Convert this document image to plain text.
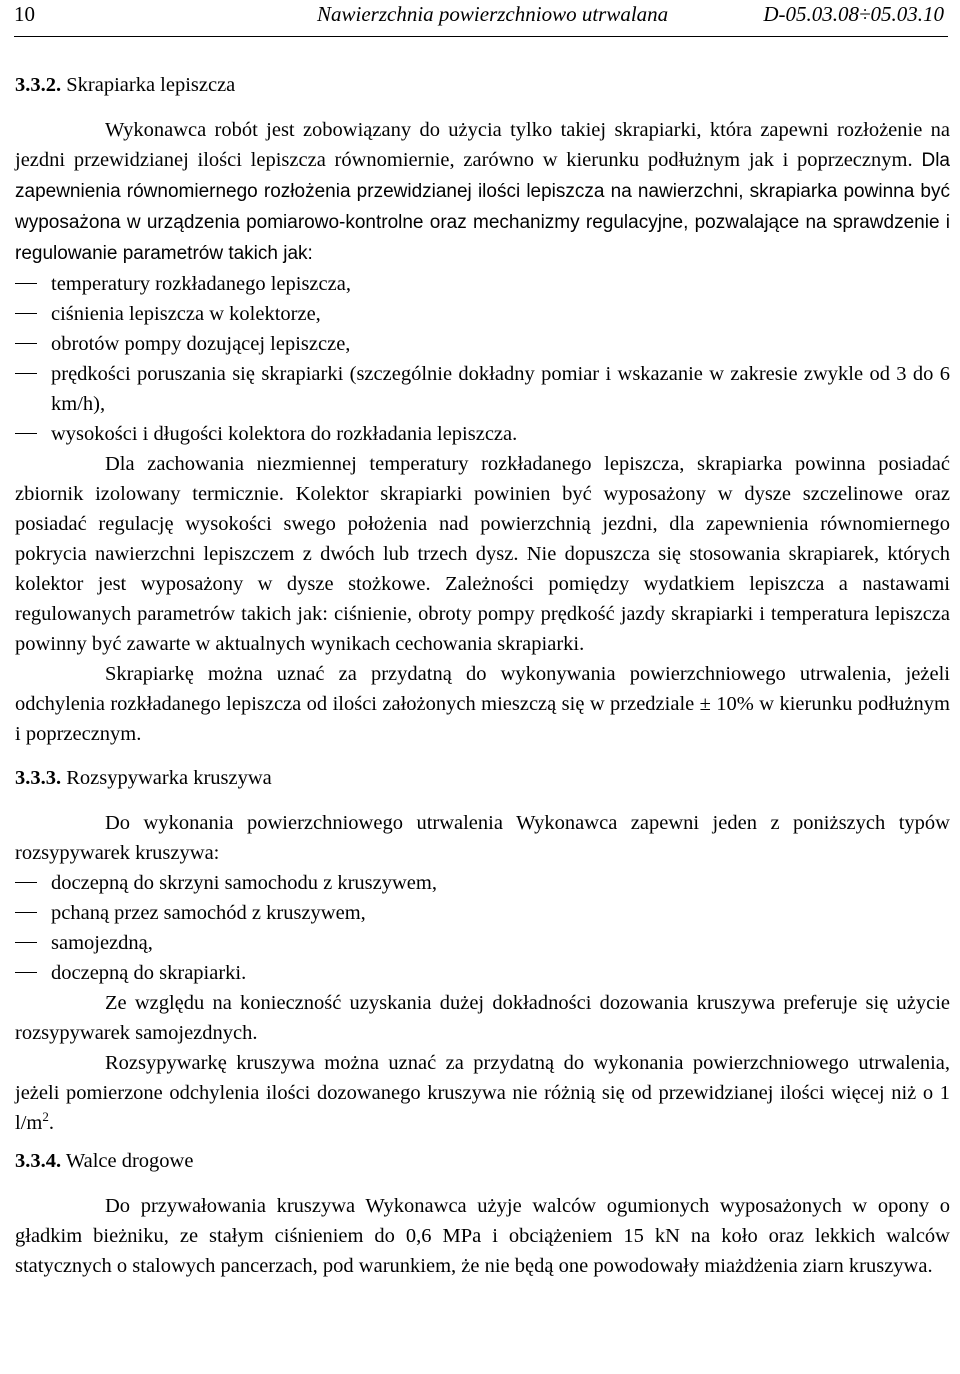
10	Nawierzchnia powierzchniowo utrwalana	D-05.03.08÷05.03.10

3.3.2. Skrapiarka lepiszcza

Wykonawca robót jest zobowiązany do użycia tylko takiej skrapiarki, która zapewni rozłożenie na jezdni przewidzianej ilości lepiszcza równomiernie, zarówno w kierunku podłużnym jak i poprzecznym. Dla zapewnienia równomiernego rozłożenia przewidzianej ilości lepiszcza na nawierzchni, skrapiarka powinna być wyposażona w urządzenia pomiarowo-kontrolne oraz mechanizmy regulacyjne, pozwalające na sprawdzenie i regulowanie parametrów takich jak:

temperatury rozkładanego lepiszcza,
ciśnienia lepiszcza w kolektorze,
obrotów pompy dozującej lepiszcze,
prędkości poruszania się skrapiarki (szczególnie dokładny pomiar i wskazanie w zakresie zwykle od 3 do 6 km/h),
wysokości i długości kolektora do rozkładania lepiszcza.

Dla zachowania niezmiennej temperatury rozkładanego lepiszcza, skrapiarka powinna posiadać zbiornik izolowany termicznie. Kolektor skrapiarki powinien być wyposażony w dysze szczelinowe oraz posiadać regulację wysokości swego położenia nad powierzchnią jezdni, dla zapewnienia równomiernego pokrycia nawierzchni lepiszczem z dwóch lub trzech dysz. Nie dopuszcza się stosowania skrapiarek, których kolektor jest wyposażony w dysze stożkowe. Zależności pomiędzy wydatkiem lepiszcza a nastawami regulowanych parametrów takich jak: ciśnienie, obroty pompy prędkość jazdy skrapiarki i temperatura lepiszcza powinny być zawarte w aktualnych wynikach cechowania skrapiarki.

Skrapiarkę można uznać za przydatną do wykonywania powierzchniowego utrwalenia, jeżeli odchylenia rozkładanego lepiszcza od ilości założonych mieszczą się w przedziale ± 10% w kierunku podłużnym i poprzecznym.

3.3.3. Rozsypywarka kruszywa

Do wykonania powierzchniowego utrwalenia Wykonawca zapewni jeden z poniższych typów rozsypywarek kruszywa:

doczepną do skrzyni samochodu z kruszywem,
pchaną przez samochód z kruszywem,
samojezdną,
doczepną do skrapiarki.

Ze względu na konieczność uzyskania dużej dokładności dozowania kruszywa preferuje się użycie rozsypywarek samojezdnych.

Rozsypywarkę kruszywa można uznać za przydatną do wykonania powierzchniowego utrwalenia, jeżeli pomierzone odchylenia ilości dozowanego kruszywa nie różnią się od przewidzianej ilości więcej niż o 1 $l/m^2$.

3.3.4. Walce drogowe

Do przywałowania kruszywa Wykonawca użyje walców ogumionych wyposażonych w opony o gładkim bieżniku, ze stałym ciśnieniem do 0,6 MPa i obciążeniem 15 kN na koło oraz lekkich walców statycznych o stalowych pancerzach, pod warunkiem, że nie będą one powodowały miażdżenia ziarn kruszywa.
